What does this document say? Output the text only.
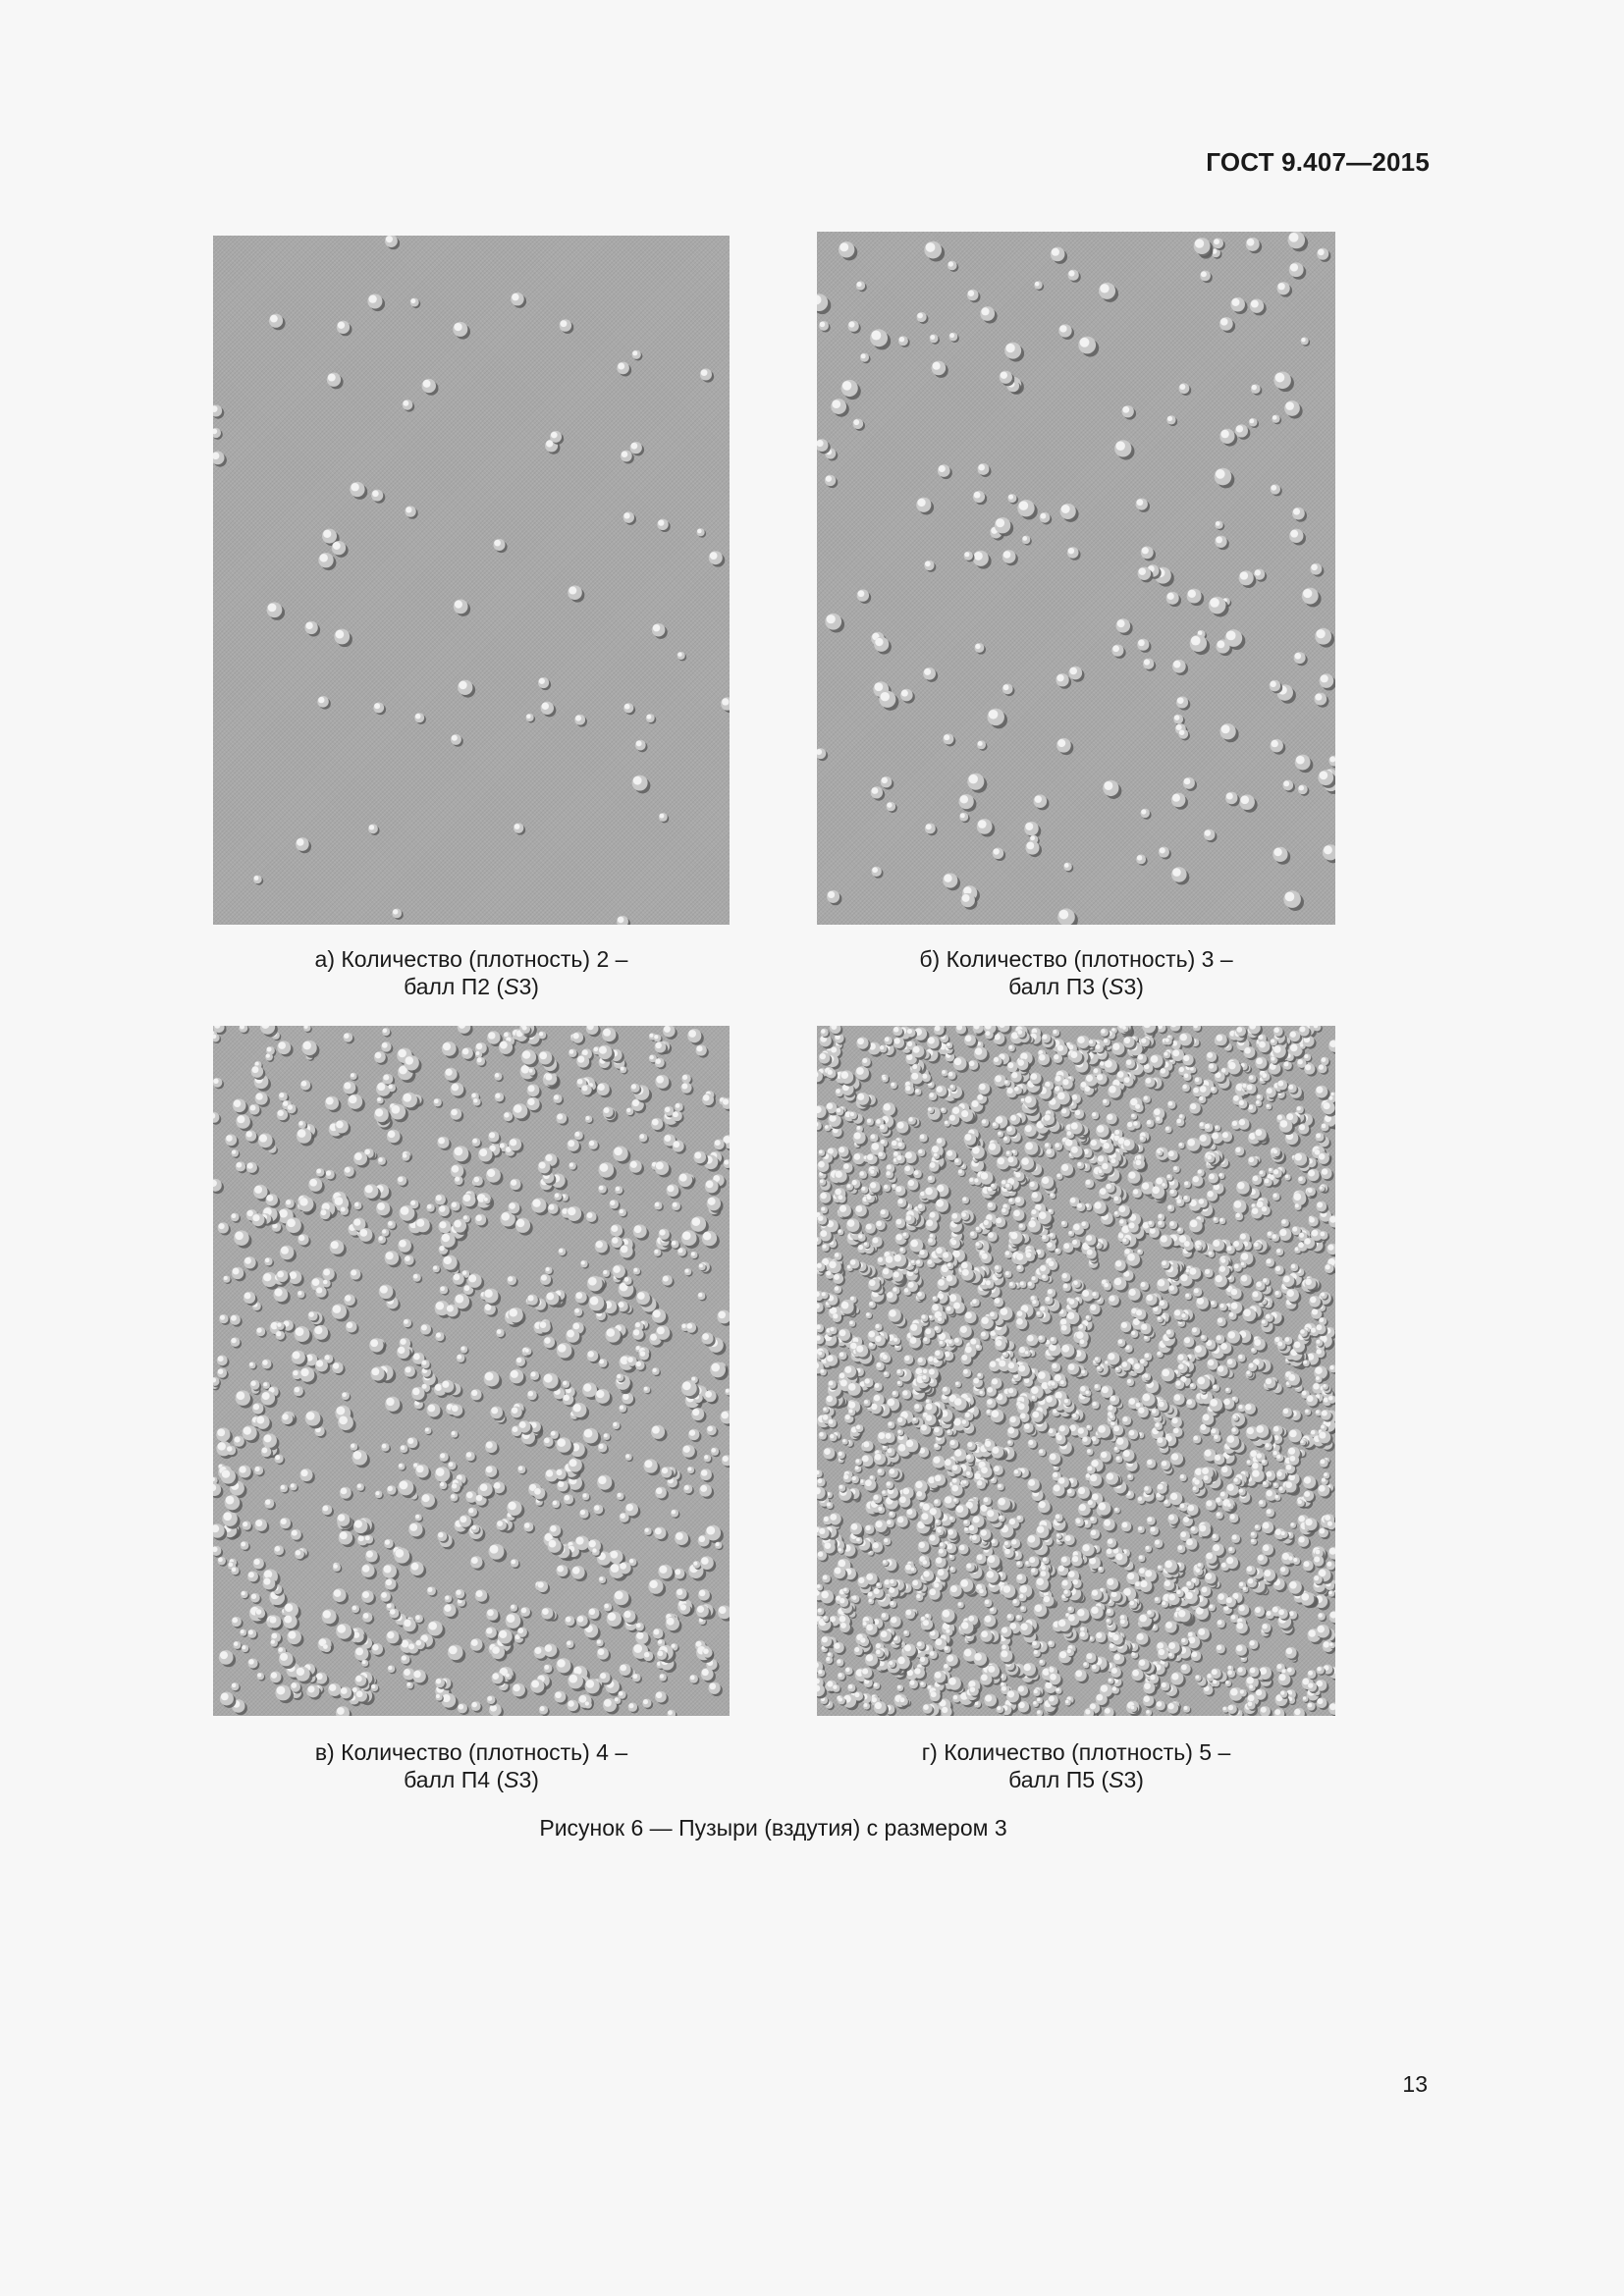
ГОСТ 9.407—2015
а) Количество (плотность) 2 –
балл П2 (S3)
б) Количество (плотность) 3 –
балл П3 (S3)
в) Количество (плотность) 4 –
балл П4 (S3)
г) Количество (плотность) 5 –
балл П5 (S3)
Рисунок 6 — Пузыри (вздутия) с размером 3
13
